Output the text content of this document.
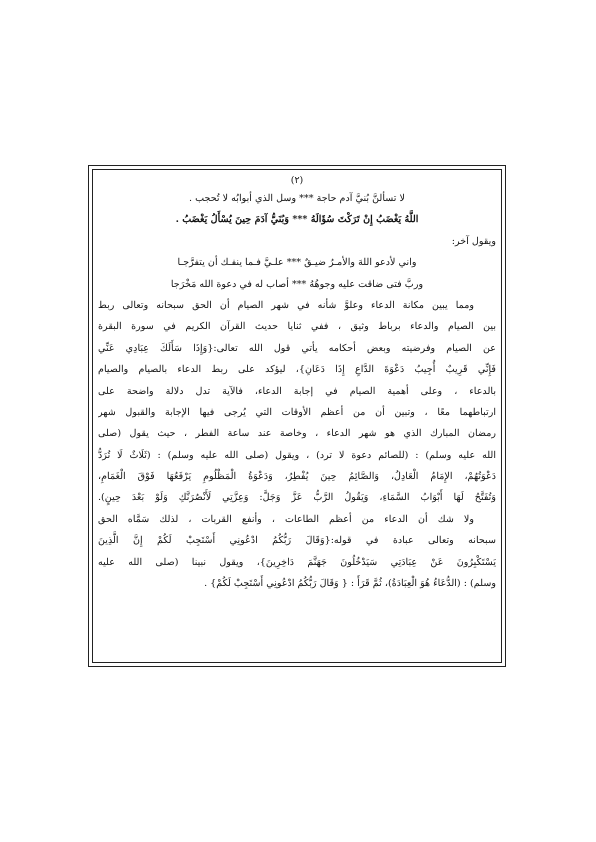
(٢)
لا تسألنَّ بُنيَّ آدم حاجة *** وسل الذي أبوابُه لا تُحجب .
اللَّهُ يَغْضَبُ إِنْ تَرَكْتَ سُؤَالَهُ *** وَبُنَيُّ آدَمَ حِينَ يُسْأَلُ يَغْضَبُ .
ويقول آخر:
واني لأدعو اللهَ والأمـرُ ضيـقٌ *** علـيَّ فـما ينفـك أن يتفرَّجـا
وربَّ فتى ضاقت عليه وجوهُهُ *** أصاب له في دعوة الله مَخْرَجا
ومما يبين مكانة الدعاء وعلوَّ شأنه في شهر الصيام أن الحق سبحانه وتعالى ربط
بين الصيام والدعاء برباط وثيق ، ففي ثنايا حديث القرآن الكريم في سورة البقرة
عن الصيام وفرضيته وبعض أحكامه يأتي قول الله تعالى:{وَإِذَا سَأَلَكَ عِبَادِي عَنِّي
فَإِنِّي قَرِيبٌ أُجِيبُ دَعْوَةَ الدَّاعِ إِذَا دَعَانِ}، ليؤكد على ربط الدعاء بالصيام والصيام
بالدعاء ، وعلى أهمية الصيام في إجابة الدعاء، فالآية تدل دلالة واضحة على
ارتباطهما معًا ، وتبين أن من أعظم الأوقات التي يُرجى فيها الإجابة والقبول شهر
رمضان المبارك الذي هو شهر الدعاء ، وخاصة عند ساعة الفطر ، حيث يقول (صلى
الله عليه وسلم) : (للصائم دعوة لا ترد) ، ويقول (صلى الله عليه وسلم) : (ثَلَاثٌ لَا تُرَدُّ
دَعْوَتُهُمْ، الإِمَامُ الْعَادِلُ، وَالصَّائِمُ حِينَ يُفْطِرُ، وَدَعْوَةُ الْمَظْلُومِ يَرْفَعُهَا فَوْقَ الْغَمَامِ،
وَتُفَتَّحُ لَهَا أَبْوَابُ السَّمَاءِ، وَيَقُولُ الرَّبُّ عَزَّ وَجَلَّ: وَعِزَّتِي لَأَنْصُرَنَّكِ وَلَوْ بَعْدَ حِينٍ).
ولا شك أن الدعاء من أعظم الطاعات ، وأنفع القربات ، لذلك سَمَّاه الحق
سبحانه وتعالى عبادة في قوله:{وَقَالَ رَبُّكُمُ ادْعُونِي أَسْتَجِبْ لَكُمْ إِنَّ الَّذِينَ
يَسْتَكْبِرُونَ عَنْ عِبَادَتِي سَيَدْخُلُونَ جَهَنَّمَ دَاخِرِينَ}، ويقول نبينا (صلى الله عليه
وسلم) : (الدُّعَاءُ هُوَ الْعِبَادَةُ)، ثُمَّ قَرَأَ : { وَقَالَ رَبُّكُمُ ادْعُونِي أَسْتَجِبْ لَكُمْ} .
